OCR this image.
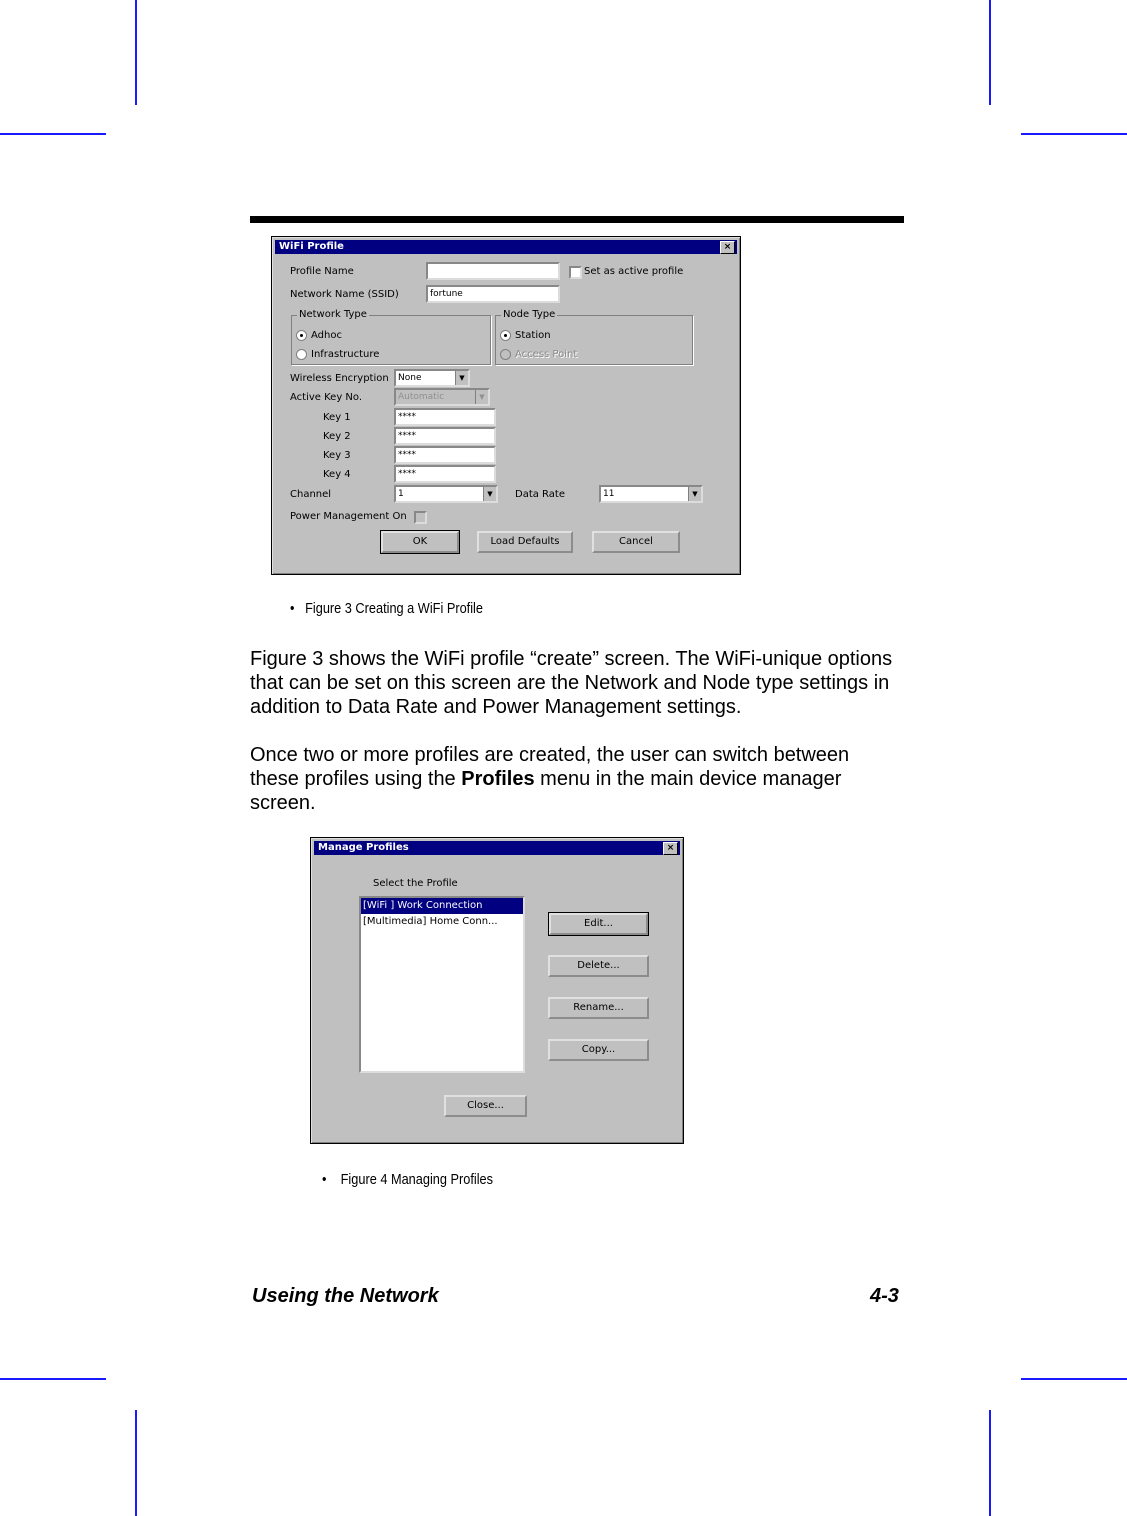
WiFi Profile	×
Profile Name	Set as active profile
Network Name (SSID)	fortune
Network Type
Adhoc
Infrastructure
Node Type
Station
Access Point
Wireless Encryption	None	▼
Active Key No.	Automatic	▼
Key 1	****
Key 2	****
Key 3	****
Key 4	****
Channel	1	▼	Data Rate	11	▼
Power Management On
OK	Load Defaults	Cancel
• Figure 3 Creating a WiFi Profile

Figure 3 shows the WiFi profile “create” screen. The WiFi-unique options that can be set on this screen are the Network and Node type settings in addition to Data Rate and Power Management settings.

Once two or more profiles are created, the user can switch between these profiles using the Profiles menu in the main device manager screen.

Manage Profiles	×
Select the Profile
[WiFi ] Work Connection
[Multimedia] Home Conn...	Edit...
Delete...
Rename...
Copy...
Close...
• Figure 4 Managing Profiles
Useing the Network	4-3
